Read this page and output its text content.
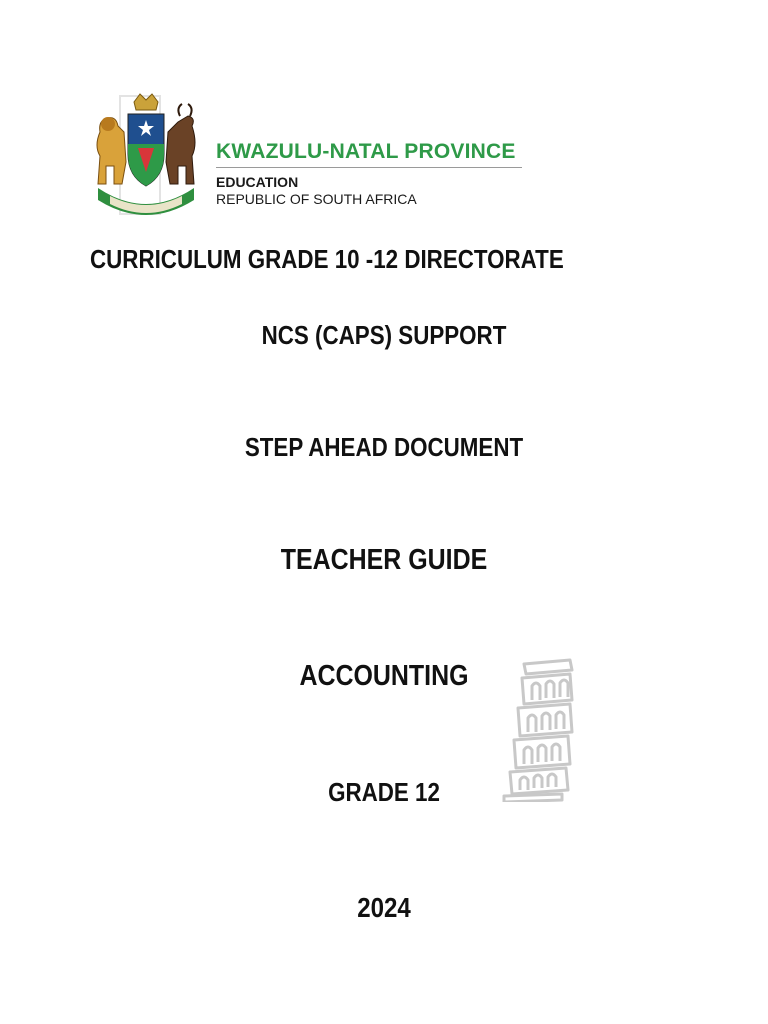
KWAZULU-NATAL PROVINCE
EDUCATION
REPUBLIC OF SOUTH AFRICA
CURRICULUM GRADE 10 -12 DIRECTORATE
NCS (CAPS) SUPPORT
STEP AHEAD DOCUMENT
TEACHER GUIDE
ACCOUNTING
GRADE 12
2024
